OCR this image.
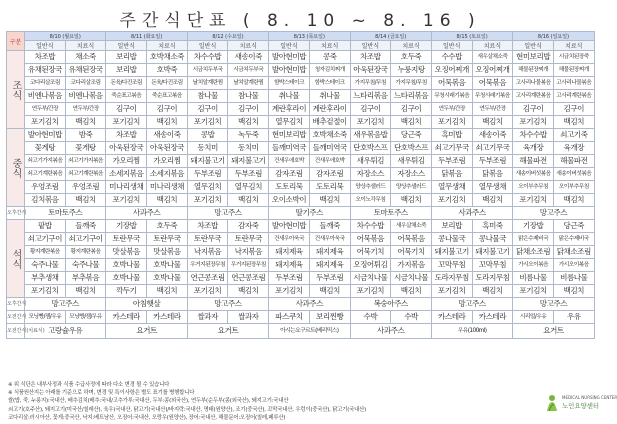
주간식단표 ( 8. 10 ~ 8. 16 )
구분	8/10 (월요일)		8/11 (화요일)		8/12 (수요일)		8/13 (목요일)		8/14 (금요일)		8/15 (토요일)		8/16 (일요일)	
	일반식	치료식	일반식	치료식	일반식	치료식	일반식	치료식	일반식	치료식	일반식	치료식	일반식	치료식
조식	차조밥	채소죽	보리밥	호박채소죽	차수수밥	새송이죽	발아현미밥	콩죽	차조밥	호두죽	수수밥	새우살채소죽	현미보리밥	시금치된장죽
	유채된장국	유채된장국	보리밥	호박죽	시금치두부국	시금치두부국	발아현미밥	청자김치찌개	아욱된장국	누룽지탕	오징어찌개	오징어찌개	해물된장찌개	해물된장찌개
	코다리살조림	코다리살조림	돈육/다진조림	돈육/다진조림	날치알계란찜	날치알계란찜	함박스테이크	함박스테이크	가지무침/무침	가지무침/무침	어묵볶음	어묵볶음	고사리나물볶음	고사리나물볶음
	비엔나볶음	비엔나볶음	죽순표고볶음	죽순표고볶음	참나물	참나물	취나물	취나물	느타리볶음	느타리볶음	무청시래기볶음	무청시래기볶음	고사리계란볶음	고사리계란볶음
	연두부/간장	연두부/간장	김구이	김구이	김구이	김구이	계란후라이	계란후라이	김구이	김구이	연두부/간장	연두부/간장	김구이	김구이
	포기김치	백김치	포기김치	백김치	포기김치	백김치	열무김치	배추겉절이	포기김치	백김치	포기김치	백김치	포기김치	백김치
중식	발아현미밥	밤죽	차조밥	새송이죽	콩밥	녹두죽	현미보리밥	호박채소죽	새우볶음밥	당근죽	흑미밥	새송이죽	차수수밥	쇠고기죽
	꽃게탕	꽃게탕	아욱된장국	아욱된장국	동치미	동치미	들깨미역국	들깨미역국	단호박스프	단호박스프	쇠고기무국	쇠고기무국	육개장	육개장
	쇠고기가지볶음	쇠고기가지볶음	가오리찜	가오리찜	돼지불고기	돼지불고기	건새우애호박	건새우애호박	새우튀김	새우튀김	두부조림	두부조림	해물파전	해물파전
	쇠고기계란볶음	쇠고기계란볶음	소세지볶음	소세지볶음	두부조림	두부조림	감자조림	감자조림	자장소스	자장소스	닭볶음	닭볶음	새송이버섯볶음	새송이버섯볶음
	우엉조림	우엉조림	미나리생채	미나리생채	열무김치	열무김치	도토리묵	도토리묵	양상추샐러드	양상추샐러드	열무생채	열무생채	오이부추무침	오이부추무침
	김치볶음	백김치	포기김치	백김치	포기김치	백김치	오이소박이	백김치	오이노각무침	백김치	포기김치	백김치	포기김치	백김치
오후간식	토마토주스		사과주스		망고주스		딸기주스		토마토주스		사과주스		망고주스	
석식	팥밥	들깨죽	기장밥	호두죽	차조밥	감자죽	발아현미밥	들깨죽	차수수밥	새우살채소죽	보리밥	흑미죽	기장밥	당근죽
	쇠고기구이	쇠고기구이	토란무국	토란무국	토란무국	토란무국	건새우아욱국	건새우아욱국	어묵볶음	어묵볶음	콩나물국	콩나물국	맑은수제비국	맑은수제비국
	황지계란볶음	황지계란볶음	맛살볶음	맛살볶음	낙지볶음	낙지볶음	돼지제육	돼지제육	어묵기치	어묵기치	돼지불고기	돼지불고기	닭채소조림	닭채소조림
	숙주나물	숙주나물	호박나물	호박나물	우거지된장무침	우거지된장무침	돼지제육	돼지제육	오징어튀김	가지볶음	꼬막무침	꼬막무침	가시오이볶음	가시오이볶음
	부추생채	부추볶음	호박나물	호박나물	연근콩조림	연근콩조림	두부조림	두부조림	시금치나물	시금치나물	도라지무침	도라지무침	비름나물	비름나물
	포기김치	백김치	깍두기	백김치	포기김치	백김치	포기김치	백김치	포기김치	백김치	포기김치	백김치	포기김치	백김치
오후간식	망고주스		아침햇살		망고주스		사과주스		복숭아주스		망고주스		망고주스	
오전간식	모닝빵/잼/우유	모닝빵/잼/우유	카스테라	카스테라	쌀과자	쌀과자	파스쿠치	보리찐빵	수박	수박	카스테라	카스테라	시리얼/우유	우유
오전간식(치료식)	고랑슐우유		요거트		요거트		아시는요구르트(베리믹스)		사과주스		우유(100ml)		요거트	
※ 위 식단은 내부사정과 식품 수급사정에 따라 다소 변경 될 수 있습니다
※ 식품원산지는 아래를 기준으로 하며, 변경 및 특이사항은 별도 표기를 병행합니다
쌀(밥, 죽, 누룽지):국내산, 배추김치(배추:국내/고추가루:국내산, 두부:콩(외국산), 연두부(순두부(콩(외국산), 돼지고기:국내산
쇠고기(호주산), 돼지고기(미국산/칠레산), 육우)국내산, 닭고기(국내산)/바지락:국내산, 명태(원양산), 조기(중국산), 꼬막국내산, 우렁이(중국산), 닭고기(국내산)
코다리살:러시아산, 꽃게:중국산, 낙지:베트남산, 오징어:국내산, 오랑우(원양산), 장어:국내산, 해물문어:오징어(칠레,페루산)
MEDICAL NURSING CENTER
노인요양센터
